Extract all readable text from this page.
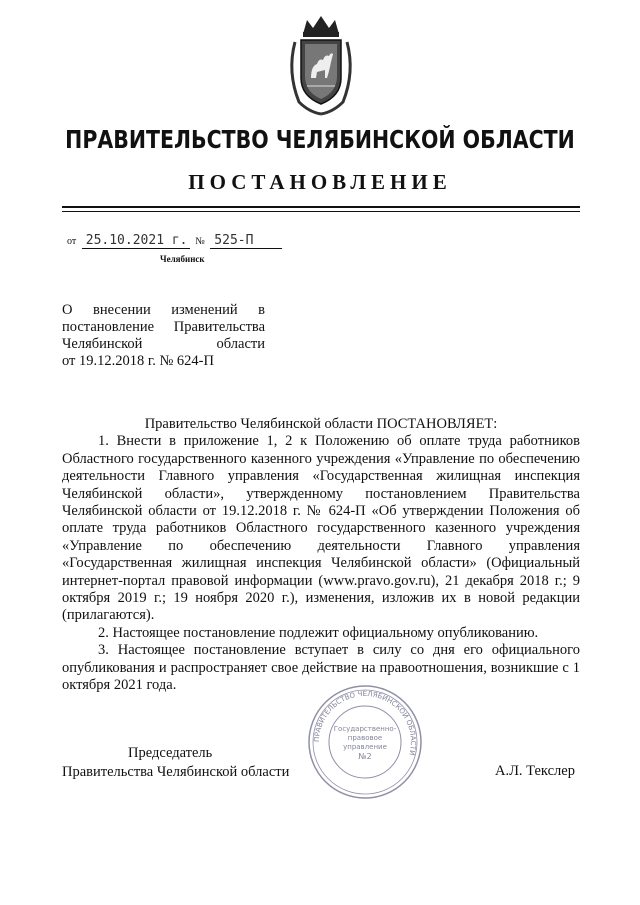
ПРАВИТЕЛЬСТВО ЧЕЛЯБИНСКОЙ ОБЛАСТИ
ПОСТАНОВЛЕНИЕ
от 25.10.2021 г. № 525-П
Челябинск
О внесении изменений в
постановление Правительства
Челябинской области
от 19.12.2018 г. № 624-П

Правительство Челябинской области ПОСТАНОВЛЯЕТ:

1. Внести в приложение 1, 2 к Положению об оплате труда работников Областного государственного казенного учреждения «Управление по обеспечению деятельности Главного управления «Государственная жилищная инспекция Челябинской области», утвержденному постановлением Правительства Челябинской области от 19.12.2018 г. № 624-П «Об утверждении Положения об оплате труда работников Областного государственного казенного учреждения «Управление по обеспечению деятельности Главного управления «Государственная жилищная инспекция Челябинской области» (Официальный интернет-портал правовой информации (www.pravo.gov.ru), 21 декабря 2018 г.; 9 октября 2019 г.; 19 ноября 2020 г.), изменения, изложив их в новой редакции (прилагаются).

2. Настоящее постановление подлежит официальному опубликованию.

3. Настоящее постановление вступает в силу со дня его официального опубликования и распространяет свое действие на правоотношения, возникшие с 1 октября 2021 года.

Председатель
Правительства Челябинской области	А.Л. Текслер
ПРАВИТЕЛЬСТВО ЧЕЛЯБИНСКОЙ ОБЛАСТИ
Государственно-
правовое
управление
№2
